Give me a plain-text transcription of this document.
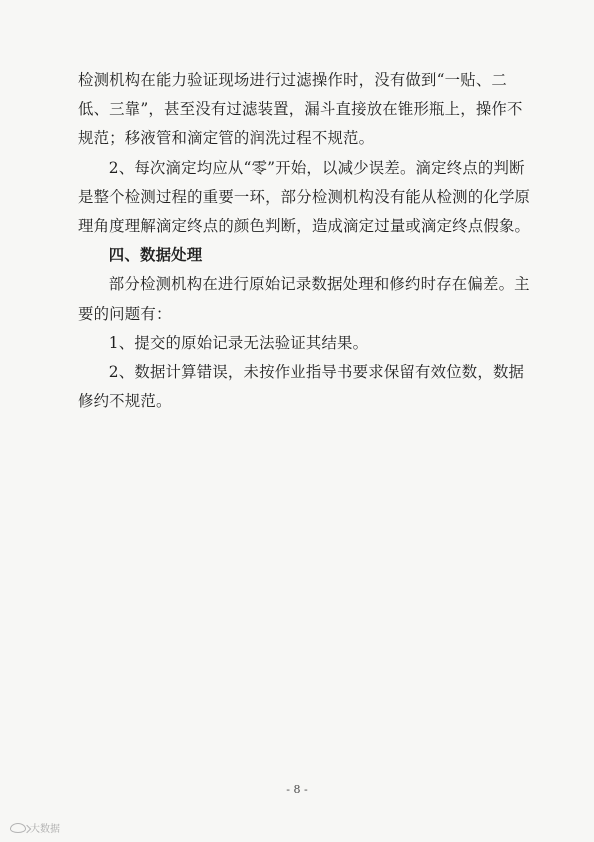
检测机构在能力验证现场进行过滤操作时，没有做到“一贴、二低、三靠”，甚至没有过滤装置，漏斗直接放在锥形瓶上，操作不规范；移液管和滴定管的润洗过程不规范。

2、每次滴定均应从“零”开始，以减少误差。滴定终点的判断是整个检测过程的重要一环，部分检测机构没有能从检测的化学原理角度理解滴定终点的颜色判断，造成滴定过量或滴定终点假象。

四、数据处理

部分检测机构在进行原始记录数据处理和修约时存在偏差。主要的问题有：

1、提交的原始记录无法验证其结果。

2、数据计算错误，未按作业指导书要求保留有效位数，数据修约不规范。

- 8 -
大数据
